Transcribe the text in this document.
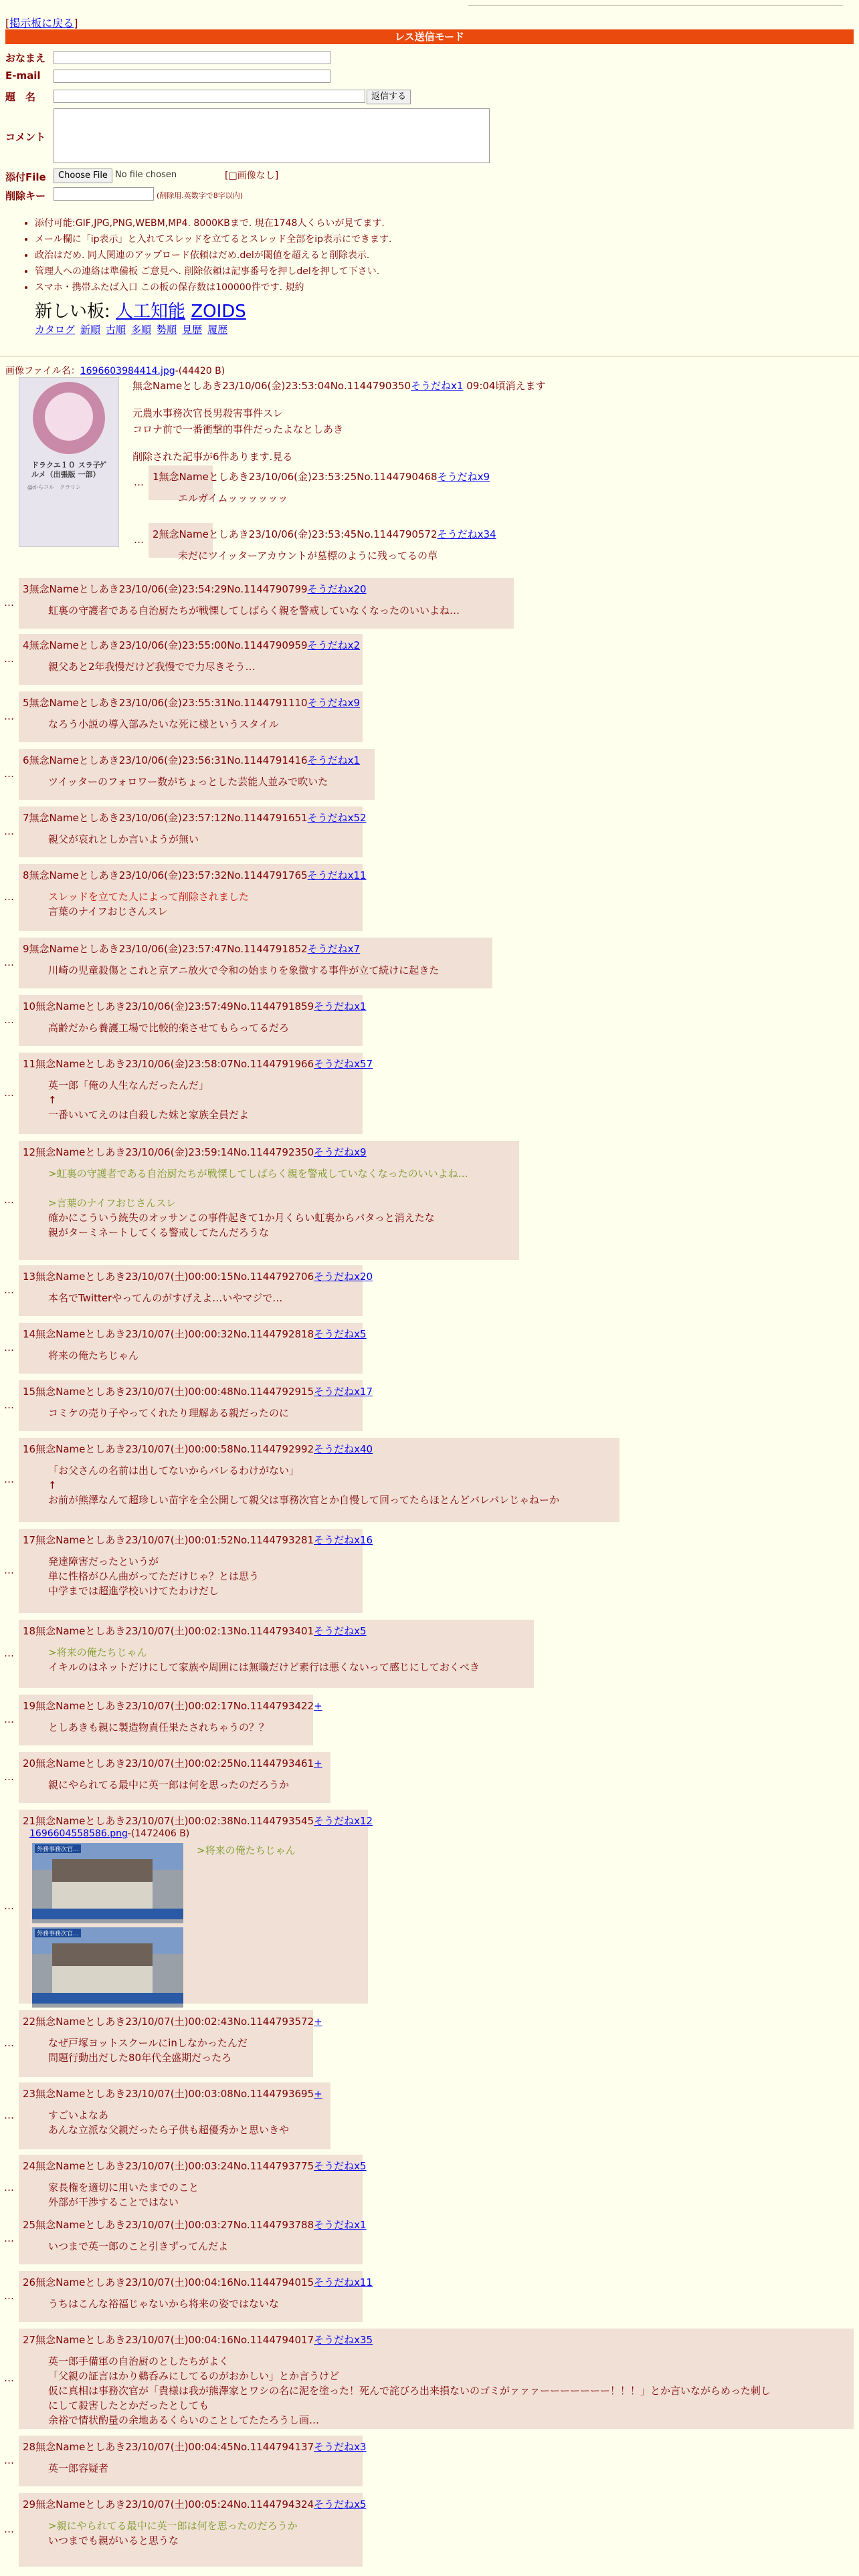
[掲示板に戻る]
レス送信モード
おなまえ
E-mail
題　名	返信する
コメント
添付File	Choose File No file chosen	[□画像なし]
削除キー	(削除用.英数字で8字以内)
• 添付可能:GIF,JPG,PNG,WEBM,MP4. 8000KBまで. 現在1748人くらいが見てます.
• メール欄に「ip表示」と入れてスレッドを立てるとスレッド全部をip表示にできます.
• 政治はだめ. 同人関連のアップロード依頼はだめ.delが閾値を超えると削除表示.
• 管理人への連絡は準備板 ご意見へ. 削除依頼は記事番号を押しdelを押して下さい.
• スマホ・携帯ふたば入口 この板の保存数は100000件です. 規約
新しい板: 人工知能 ZOIDS
カタログ 新順 古順 多順 勢順 見歴 履歴
画像ファイル名：1696603984414.jpg-(44420 B)
ドラクエ１０ スラ子ｸ゛ルメ（出張版 一部）
@からコル　クラリン
無念Nameとしあき23/10/06(金)23:53:04No.1144790350そうだねx1 09:04頃消えます
元農水事務次官長男殺害事件スレ
コロナ前で一番衝撃的事件だったよなとしあき
削除された記事が6件あります.見る
1無念Nameとしあき23/10/06(金)23:53:25No.1144790468そうだねx9
エルガイムッッッッッッ
…
2無念Nameとしあき23/10/06(金)23:53:45No.1144790572そうだねx34
未だにツイッターアカウントが墓標のように残ってるの草
…
3無念Nameとしあき23/10/06(金)23:54:29No.1144790799そうだねx20
虹裏の守護者である自治厨たちが戦慄してしばらく親を警戒していなくなったのいいよね…
…
4無念Nameとしあき23/10/06(金)23:55:00No.1144790959そうだねx2
親父あと2年我慢だけど我慢でで力尽きそう…
…
5無念Nameとしあき23/10/06(金)23:55:31No.1144791110そうだねx9
なろう小説の導入部みたいな死に様というスタイル
…
6無念Nameとしあき23/10/06(金)23:56:31No.1144791416そうだねx1
ツイッターのフォロワー数がちょっとした芸能人並みで吹いた
…
7無念Nameとしあき23/10/06(金)23:57:12No.1144791651そうだねx52
親父が哀れとしか言いようが無い
…
8無念Nameとしあき23/10/06(金)23:57:32No.1144791765そうだねx11
スレッドを立てた人によって削除されました
言葉のナイフおじさんスレ
…
9無念Nameとしあき23/10/06(金)23:57:47No.1144791852そうだねx7
川崎の児童殺傷とこれと京アニ放火で令和の始まりを象徴する事件が立て続けに起きた
…
10無念Nameとしあき23/10/06(金)23:57:49No.1144791859そうだねx1
高齢だから養護工場で比較的楽させてもらってるだろ
…
11無念Nameとしあき23/10/06(金)23:58:07No.1144791966そうだねx57
英一郎「俺の人生なんだったんだ」
↑
一番いいてえのは自殺した妹と家族全員だよ
…
12無念Nameとしあき23/10/06(金)23:59:14No.1144792350そうだねx9
>虹裏の守護者である自治厨たちが戦慄してしばらく親を警戒していなくなったのいいよね…
>言葉のナイフおじさんスレ
確かにこういう統失のオッサンこの事件起きて1か月くらい虹裏からパタっと消えたな
親がターミネートしてくる警戒してたんだろうな
…
13無念Nameとしあき23/10/07(土)00:00:15No.1144792706そうだねx20
本名でTwitterやってんのがすげえよ…いやマジで…
…
14無念Nameとしあき23/10/07(土)00:00:32No.1144792818そうだねx5
将来の俺たちじゃん
…
15無念Nameとしあき23/10/07(土)00:00:48No.1144792915そうだねx17
コミケの売り子やってくれたり理解ある親だったのに
…
16無念Nameとしあき23/10/07(土)00:00:58No.1144792992そうだねx40
「お父さんの名前は出してないからバレるわけがない」
↑
お前が熊澤なんて超珍しい苗字を全公開して親父は事務次官とか自慢して回ってたらほとんどバレバレじゃねーか
…
17無念Nameとしあき23/10/07(土)00:01:52No.1144793281そうだねx16
発達障害だったというが
単に性格がひん曲がってただけじゃ？とは思う
中学までは超進学校いけてたわけだし
…
18無念Nameとしあき23/10/07(土)00:02:13No.1144793401そうだねx5
>将来の俺たちじゃん
イキルのはネットだけにして家族や周囲には無職だけど素行は悪くないって感じにしておくべき
…
19無念Nameとしあき23/10/07(土)00:02:17No.1144793422+
としあきも親に製造物責任果たされちゃうの？？
…
20無念Nameとしあき23/10/07(土)00:02:25No.1144793461+
親にやられてる最中に英一郎は何を思ったのだろうか
…
21無念Nameとしあき23/10/07(土)00:02:38No.1144793545そうだねx12
1696604558586.png-(1472406 B)
外務事務次官…
外務事務次官…
>将来の俺たちじゃん
…
22無念Nameとしあき23/10/07(土)00:02:43No.1144793572+
なぜ戸塚ヨットスクールにinしなかったんだ
問題行動出だした80年代全盛期だったろ
…
23無念Nameとしあき23/10/07(土)00:03:08No.1144793695+
すごいよなあ
あんな立派な父親だったら子供も超優秀かと思いきや
…
24無念Nameとしあき23/10/07(土)00:03:24No.1144793775そうだねx5
家長権を適切に用いたまでのこと
外部が干渉することではない
…
25無念Nameとしあき23/10/07(土)00:03:27No.1144793788そうだねx1
いつまで英一郎のこと引きずってんだよ
…
26無念Nameとしあき23/10/07(土)00:04:16No.1144794015そうだねx11
うちはこんな裕福じゃないから将来の姿ではないな
…
27無念Nameとしあき23/10/07(土)00:04:16No.1144794017そうだねx35
英一郎手備軍の自治厨のとしたちがよく
「父親の証言はかり鵜呑みにしてるのがおかしい」とか言うけど
仮に真相は事務次官が「貴様は我が熊澤家とワシの名に泥を塗った！死んで詫びろ出来損ないのゴミがァァァーーーーーーー！！！」とか言いながらめった刺し
にして殺害したとかだったとしても
余裕で情状酌量の余地あるくらいのことしてたたろうし画…
…
28無念Nameとしあき23/10/07(土)00:04:45No.1144794137そうだねx3
英一郎容疑者
…
29無念Nameとしあき23/10/07(土)00:05:24No.1144794324そうだねx5
>親にやられてる最中に英一郎は何を思ったのだろうか
いつまでも親がいると思うな
…
